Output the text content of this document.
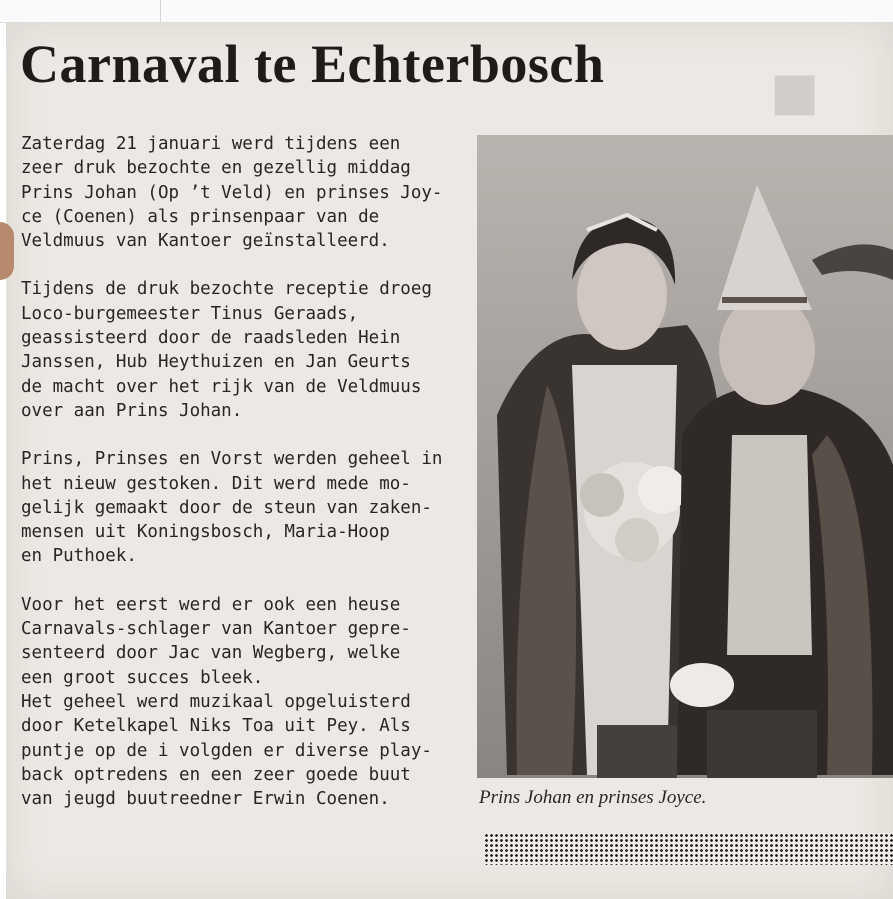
■
Carnaval te Echterbosch

Zaterdag 21 januari werd tijdens een
zeer druk bezochte en gezellig middag
Prins Johan (Op ’t Veld) en prinses Joy-
ce (Coenen) als prinsenpaar van de
Veldmuus van Kantoer geïnstalleerd.

Tijdens de druk bezochte receptie droeg
Loco-burgemeester Tinus Geraads,
geassisteerd door de raadsleden Hein
Janssen, Hub Heythuizen en Jan Geurts
de macht over het rijk van de Veldmuus
over aan Prins Johan.

Prins, Prinses en Vorst werden geheel in
het nieuw gestoken. Dit werd mede mo-
gelijk gemaakt door de steun van zaken-
mensen uit Koningsbosch, Maria-Hoop
en Puthoek.

Voor het eerst werd er ook een heuse
Carnavals-schlager van Kantoer gepre-
senteerd door Jac van Wegberg, welke
een groot succes bleek.

Het geheel werd muzikaal opgeluisterd
door Ketelkapel Niks Toa uit Pey. Als
puntje op de i volgden er diverse play-
back optredens en een zeer goede buut
van jeugd buutreedner Erwin Coenen.	Prins Johan en prinses Joyce.
